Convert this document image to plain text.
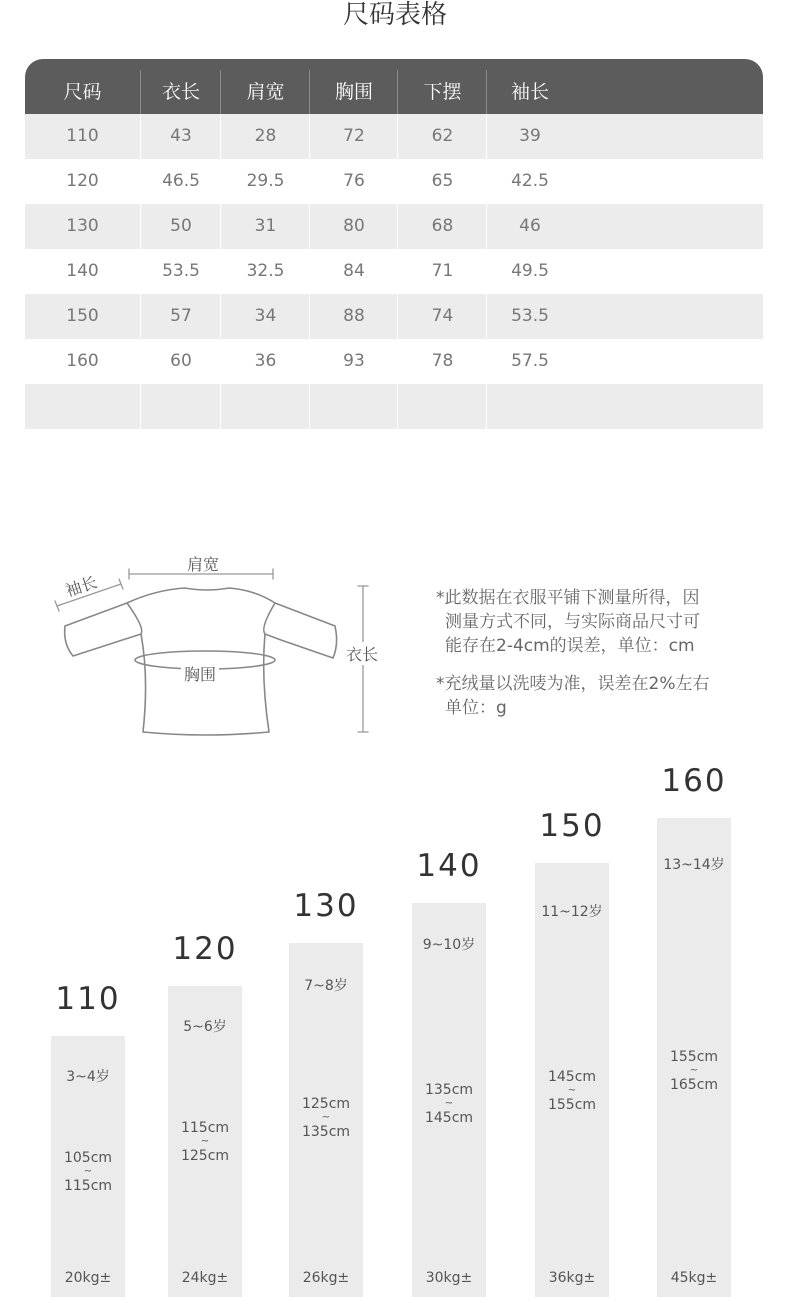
尺码表格
尺码	衣长	肩宽	胸围	下摆	袖长
110	43	28	72	62	39
120	46.5	29.5	76	65	42.5
130	50	31	80	68	46
140	53.5	32.5	84	71	49.5
150	57	34	88	74	53.5
160	60	36	93	78	57.5
袖长
肩宽
胸围
衣长
*此数据在衣服平铺下测量所得，因
测量方式不同，与实际商品尺寸可
能存在2-4cm的误差，单位：cm
*充绒量以洗唛为准，误差在2%左右
单位：g
3~4岁
105cm
~
115cm
20kg±
110
5~6岁
115cm
~
125cm
24kg±
120
7~8岁
125cm
~
135cm
26kg±
130
9~10岁
135cm
~
145cm
30kg±
140
11~12岁
145cm
~
155cm
36kg±
150
13~14岁
155cm
~
165cm
45kg±
160
